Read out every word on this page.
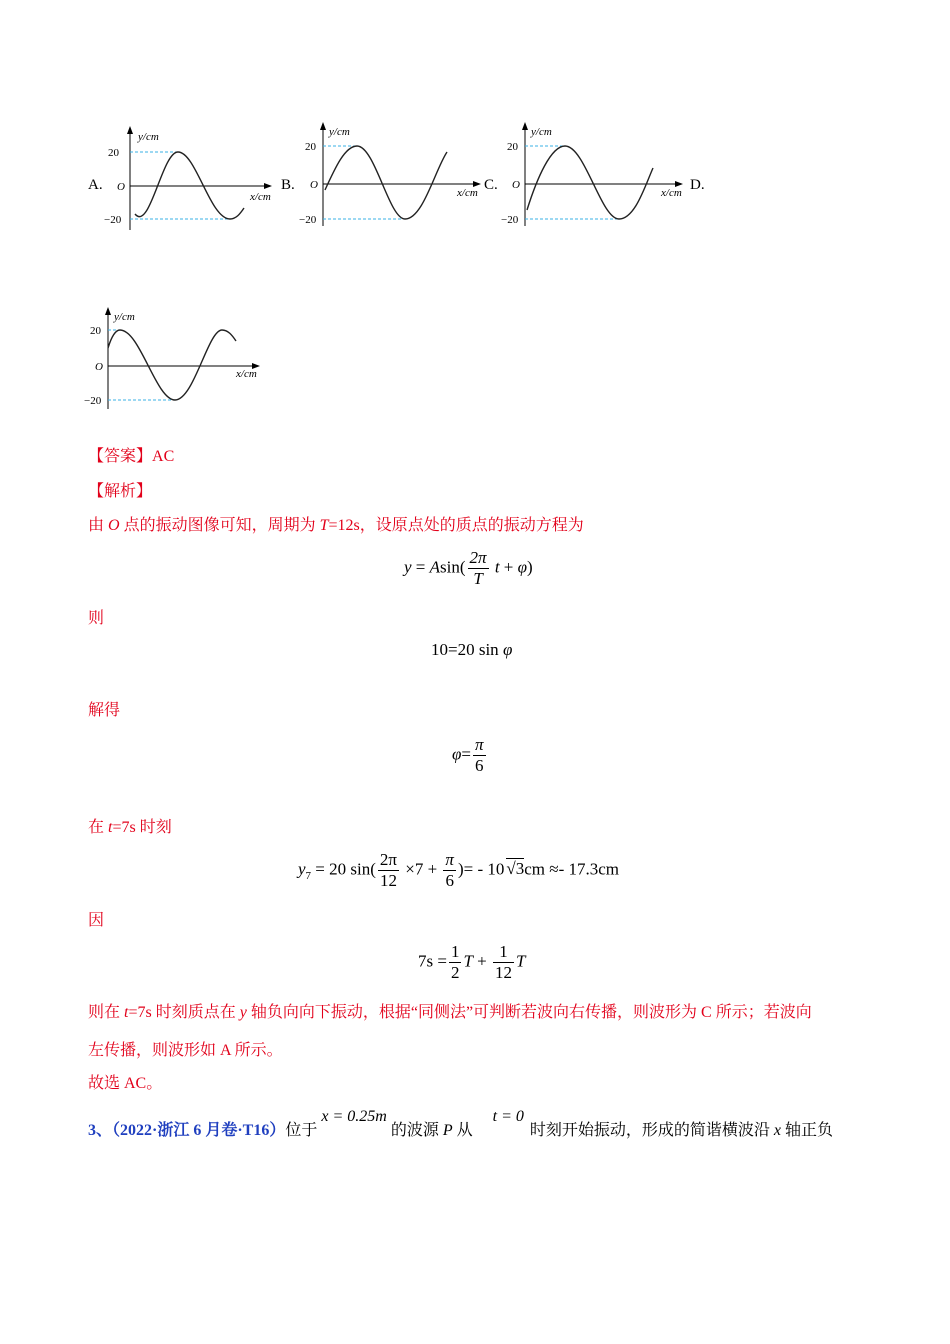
A.
y/cm
20
O
−20
x/cm
B.
y/cm
20
O
−20
x/cm C.
y/cm
20
O
−20
x/cm D.
y/cm
20
O
−20
x/cm
【答案】AC
【解析】
由 O 点的振动图像可知，周期为 T=12s，设原点处的质点的振动方程为
$y = Asin( \frac{2\pi}{T}$ t + φ)
则
10=20 sin φ
解得
$\varphi= \frac{\pi}{6}$
在 t=7s 时刻
$y_7 = 20$ $\sin( \frac{2\pi}{12} \times 7 + \frac{\pi}{6}$ )= - 10 √3cm ≈- 17.3cm
因
$7s = \frac{1}{2}$ $T + \frac{1}{12}$ T
则在 t=7s 时刻质点在 y 轴负向向下振动，根据“同侧法”可判断若波向右传播，则波形为 C 所示；若波向
左传播，则波形如 A 所示。
故选 AC。
3、（2022·浙江 6 月卷·T16）位于x = 0.25m的波源 P 从t = 0时刻开始振动，形成的简谐横波沿 x 轴正负
